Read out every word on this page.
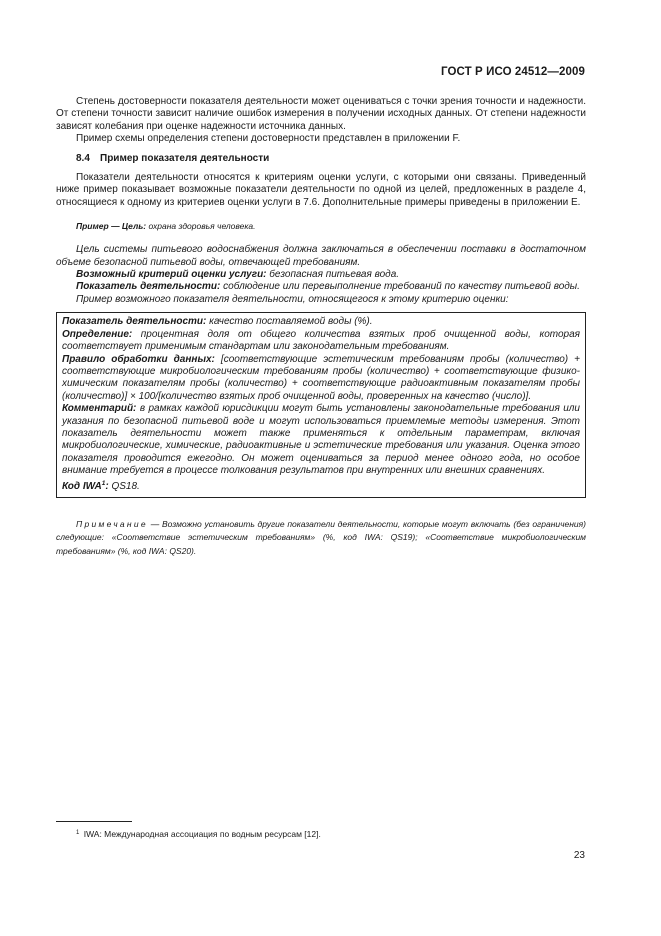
ГОСТ Р ИСО 24512—2009

Степень достоверности показателя деятельности может оцениваться с точки зрения точности и надежности. От степени точности зависит наличие ошибок измерения в получении исходных данных. От степени надежности зависят колебания при оценке надежности источника данных.

Пример схемы определения степени достоверности представлен в приложении F.

8.4 Пример показателя деятельности

Показатели деятельности относятся к критериям оценки услуги, с которыми они связаны. Приведенный ниже пример показывает возможные показатели деятельности по одной из целей, предложенных в разделе 4, относящиеся к одному из критериев оценки услуги в 7.6. Дополнительные примеры приведены в приложении Е.

Пример — Цель: охрана здоровья человека.

Цель системы питьевого водоснабжения должна заключаться в обеспечении поставки в достаточном объеме безопасной питьевой воды, отвечающей требованиям.

Возможный критерий оценки услуги: безопасная питьевая вода.

Показатель деятельности: соблюдение или перевыполнение требований по качеству питьевой воды.

Пример возможного показателя деятельности, относящегося к этому критерию оценки:

Показатель деятельности: качество поставляемой воды (%).

Определение: процентная доля от общего количества взятых проб очищенной воды, которая соответствует применимым стандартам или законодательным требованиям.

Правило обработки данных: [соответствующие эстетическим требованиям пробы (количество) + соответствующие микробиологическим требованиям пробы (количество) + соответствующие физико-химическим показателям пробы (количество) + соответствующие радиоактивным показателям пробы (количество)] × 100/[количество взятых проб очищенной воды, проверенных на качество (число)].

Комментарий: в рамках каждой юрисдикции могут быть установлены законодательные требования или указания по безопасной питьевой воде и могут использоваться приемлемые методы измерения. Этот показатель деятельности может также применяться к отдельным параметрам, включая микробиологические, химические, радиоактивные и эстетические требования или указания. Оценка этого показателя проводится ежегодно. Он может оцениваться за период менее одного года, но особое внимание требуется в процессе толкования результатов при внутренних или внешних сравнениях.

Код IWA$^1$: QS18.

Примечание — Возможно установить другие показатели деятельности, которые могут включать (без ограничения) следующие: «Соответствие эстетическим требованиям» (%, код IWA: QS19); «Соответствие микробиологическим требованиям» (%, код IWA: QS20).

$^1$ IWA: Международная ассоциация по водным ресурсам [12].
23
